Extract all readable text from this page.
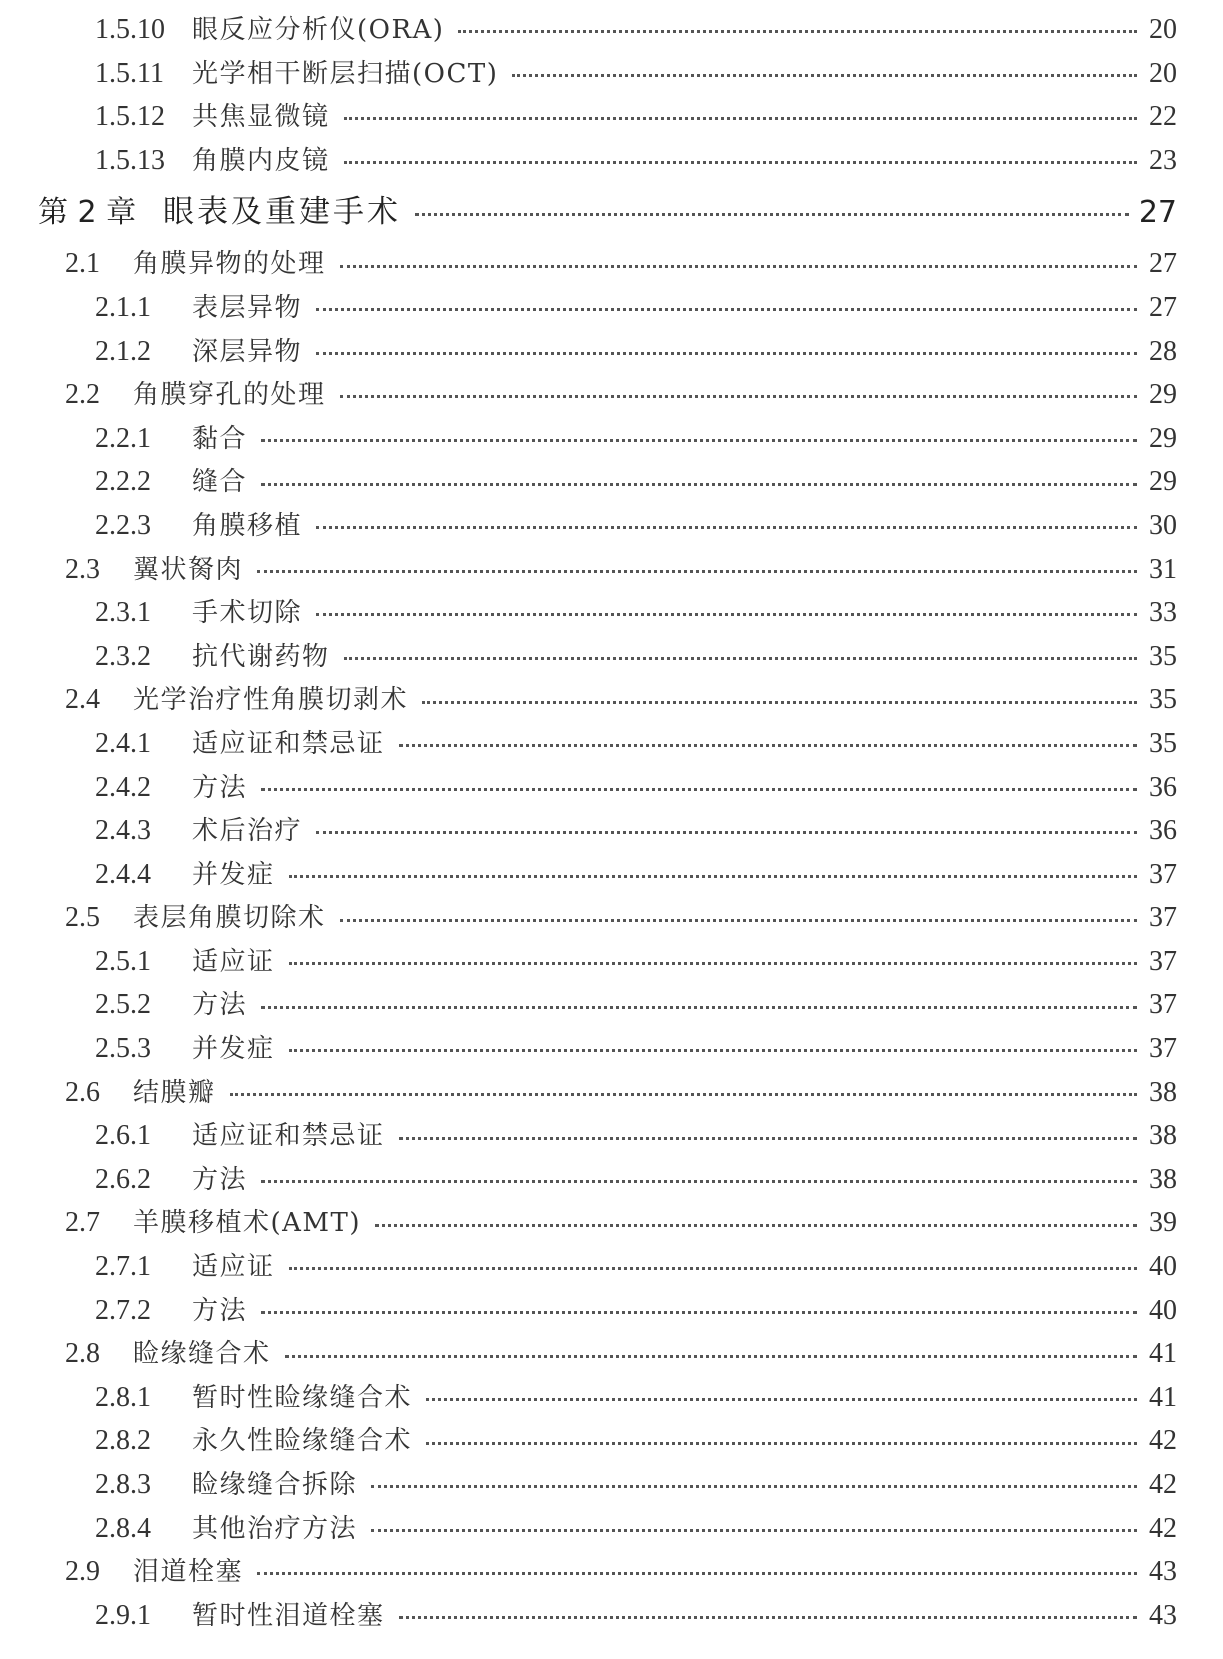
1.5.10	眼反应分析仪(ORA)	20
1.5.11	光学相干断层扫描(OCT)	20
1.5.12	共焦显微镜	22
1.5.13	角膜内皮镜	23
第 2 章 眼表及重建手术	27
2.1	角膜异物的处理	27
2.1.1	表层异物	27
2.1.2	深层异物	28
2.2	角膜穿孔的处理	29
2.2.1	黏合	29
2.2.2	缝合	29
2.2.3	角膜移植	30
2.3	翼状胬肉	31
2.3.1	手术切除	33
2.3.2	抗代谢药物	35
2.4	光学治疗性角膜切剥术	35
2.4.1	适应证和禁忌证	35
2.4.2	方法	36
2.4.3	术后治疗	36
2.4.4	并发症	37
2.5	表层角膜切除术	37
2.5.1	适应证	37
2.5.2	方法	37
2.5.3	并发症	37
2.6	结膜瓣	38
2.6.1	适应证和禁忌证	38
2.6.2	方法	38
2.7	羊膜移植术(AMT)	39
2.7.1	适应证	40
2.7.2	方法	40
2.8	睑缘缝合术	41
2.8.1	暂时性睑缘缝合术	41
2.8.2	永久性睑缘缝合术	42
2.8.3	睑缘缝合拆除	42
2.8.4	其他治疗方法	42
2.9	泪道栓塞	43
2.9.1	暂时性泪道栓塞	43
